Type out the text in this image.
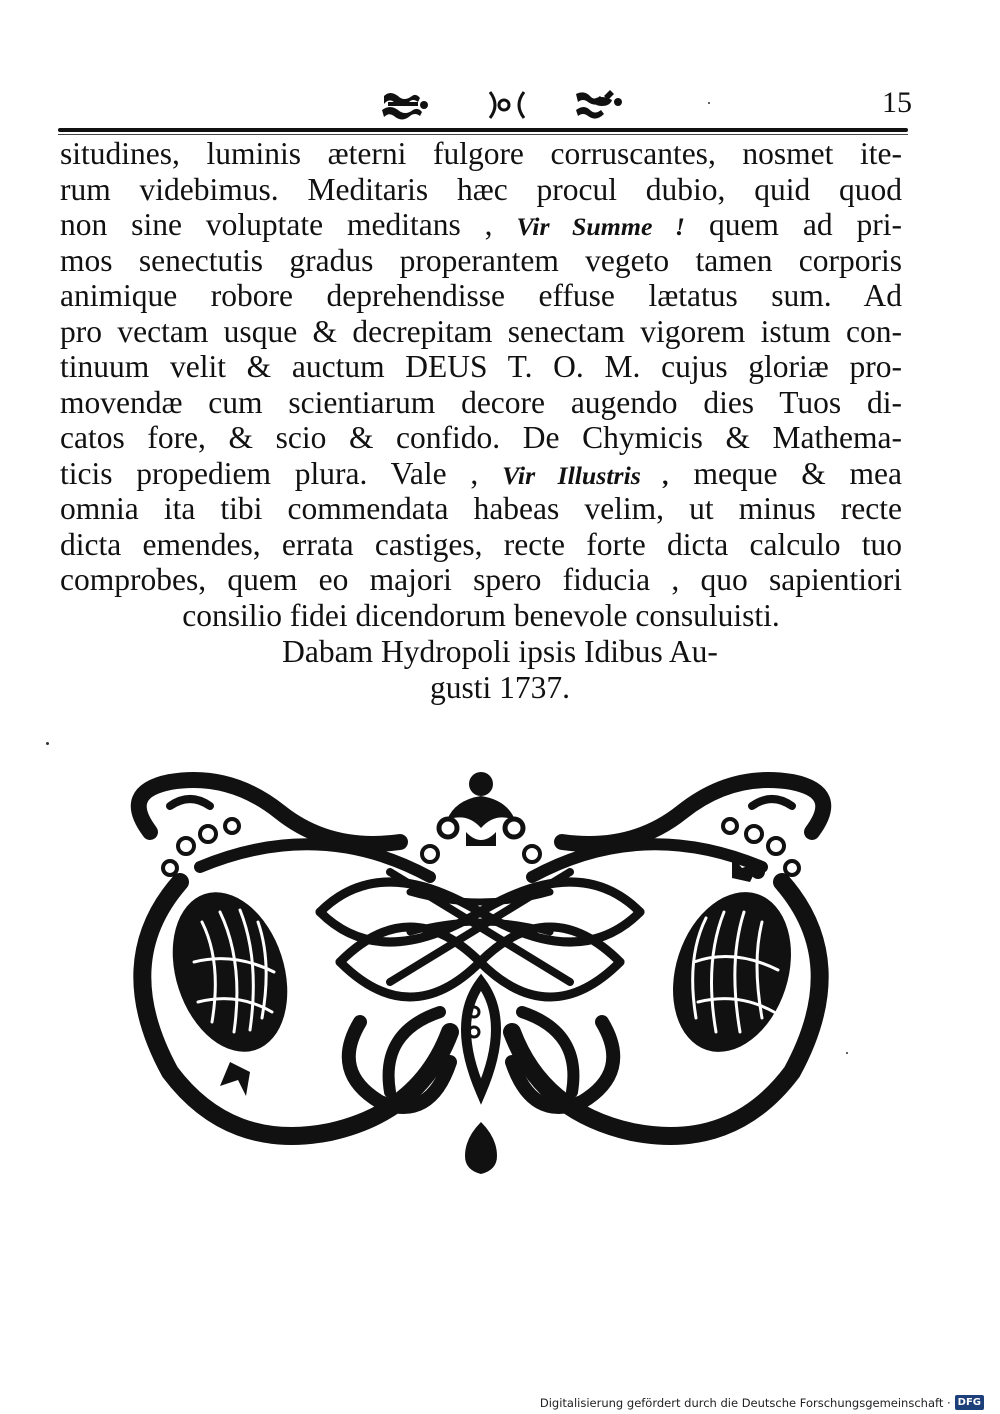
15
situdines, luminis æterni fulgore corruscantes, nosmet ite-
rum videbimus. Meditaris hæc procul dubio, quid quod
non sine voluptate meditans , Vir Summe ! quem ad pri-
mos senectutis gradus properantem vegeto tamen corporis
animique robore deprehendisse effuse lætatus sum. Ad
pro vectam usque & decrepitam senectam vigorem istum con-
tinuum velit & auctum DEUS T. O. M. cujus gloriæ pro-
movendæ cum scientiarum decore augendo dies Tuos di-
catos fore, & scio & confido. De Chymicis & Mathema-
ticis propediem plura. Vale , Vir Illustris , meque & mea
omnia ita tibi commendata habeas velim, ut minus recte
dicta emendes, errata castiges, recte forte dicta calculo tuo
comprobes, quem eo majori spero fiducia , quo sapientiori
consilio fidei dicendorum benevole consuluisti.
Dabam Hydropoli ipsis Idibus Au-
gusti 1737.
Digitalisierung gefördert durch die Deutsche Forschungsgemeinschaft · DFG
